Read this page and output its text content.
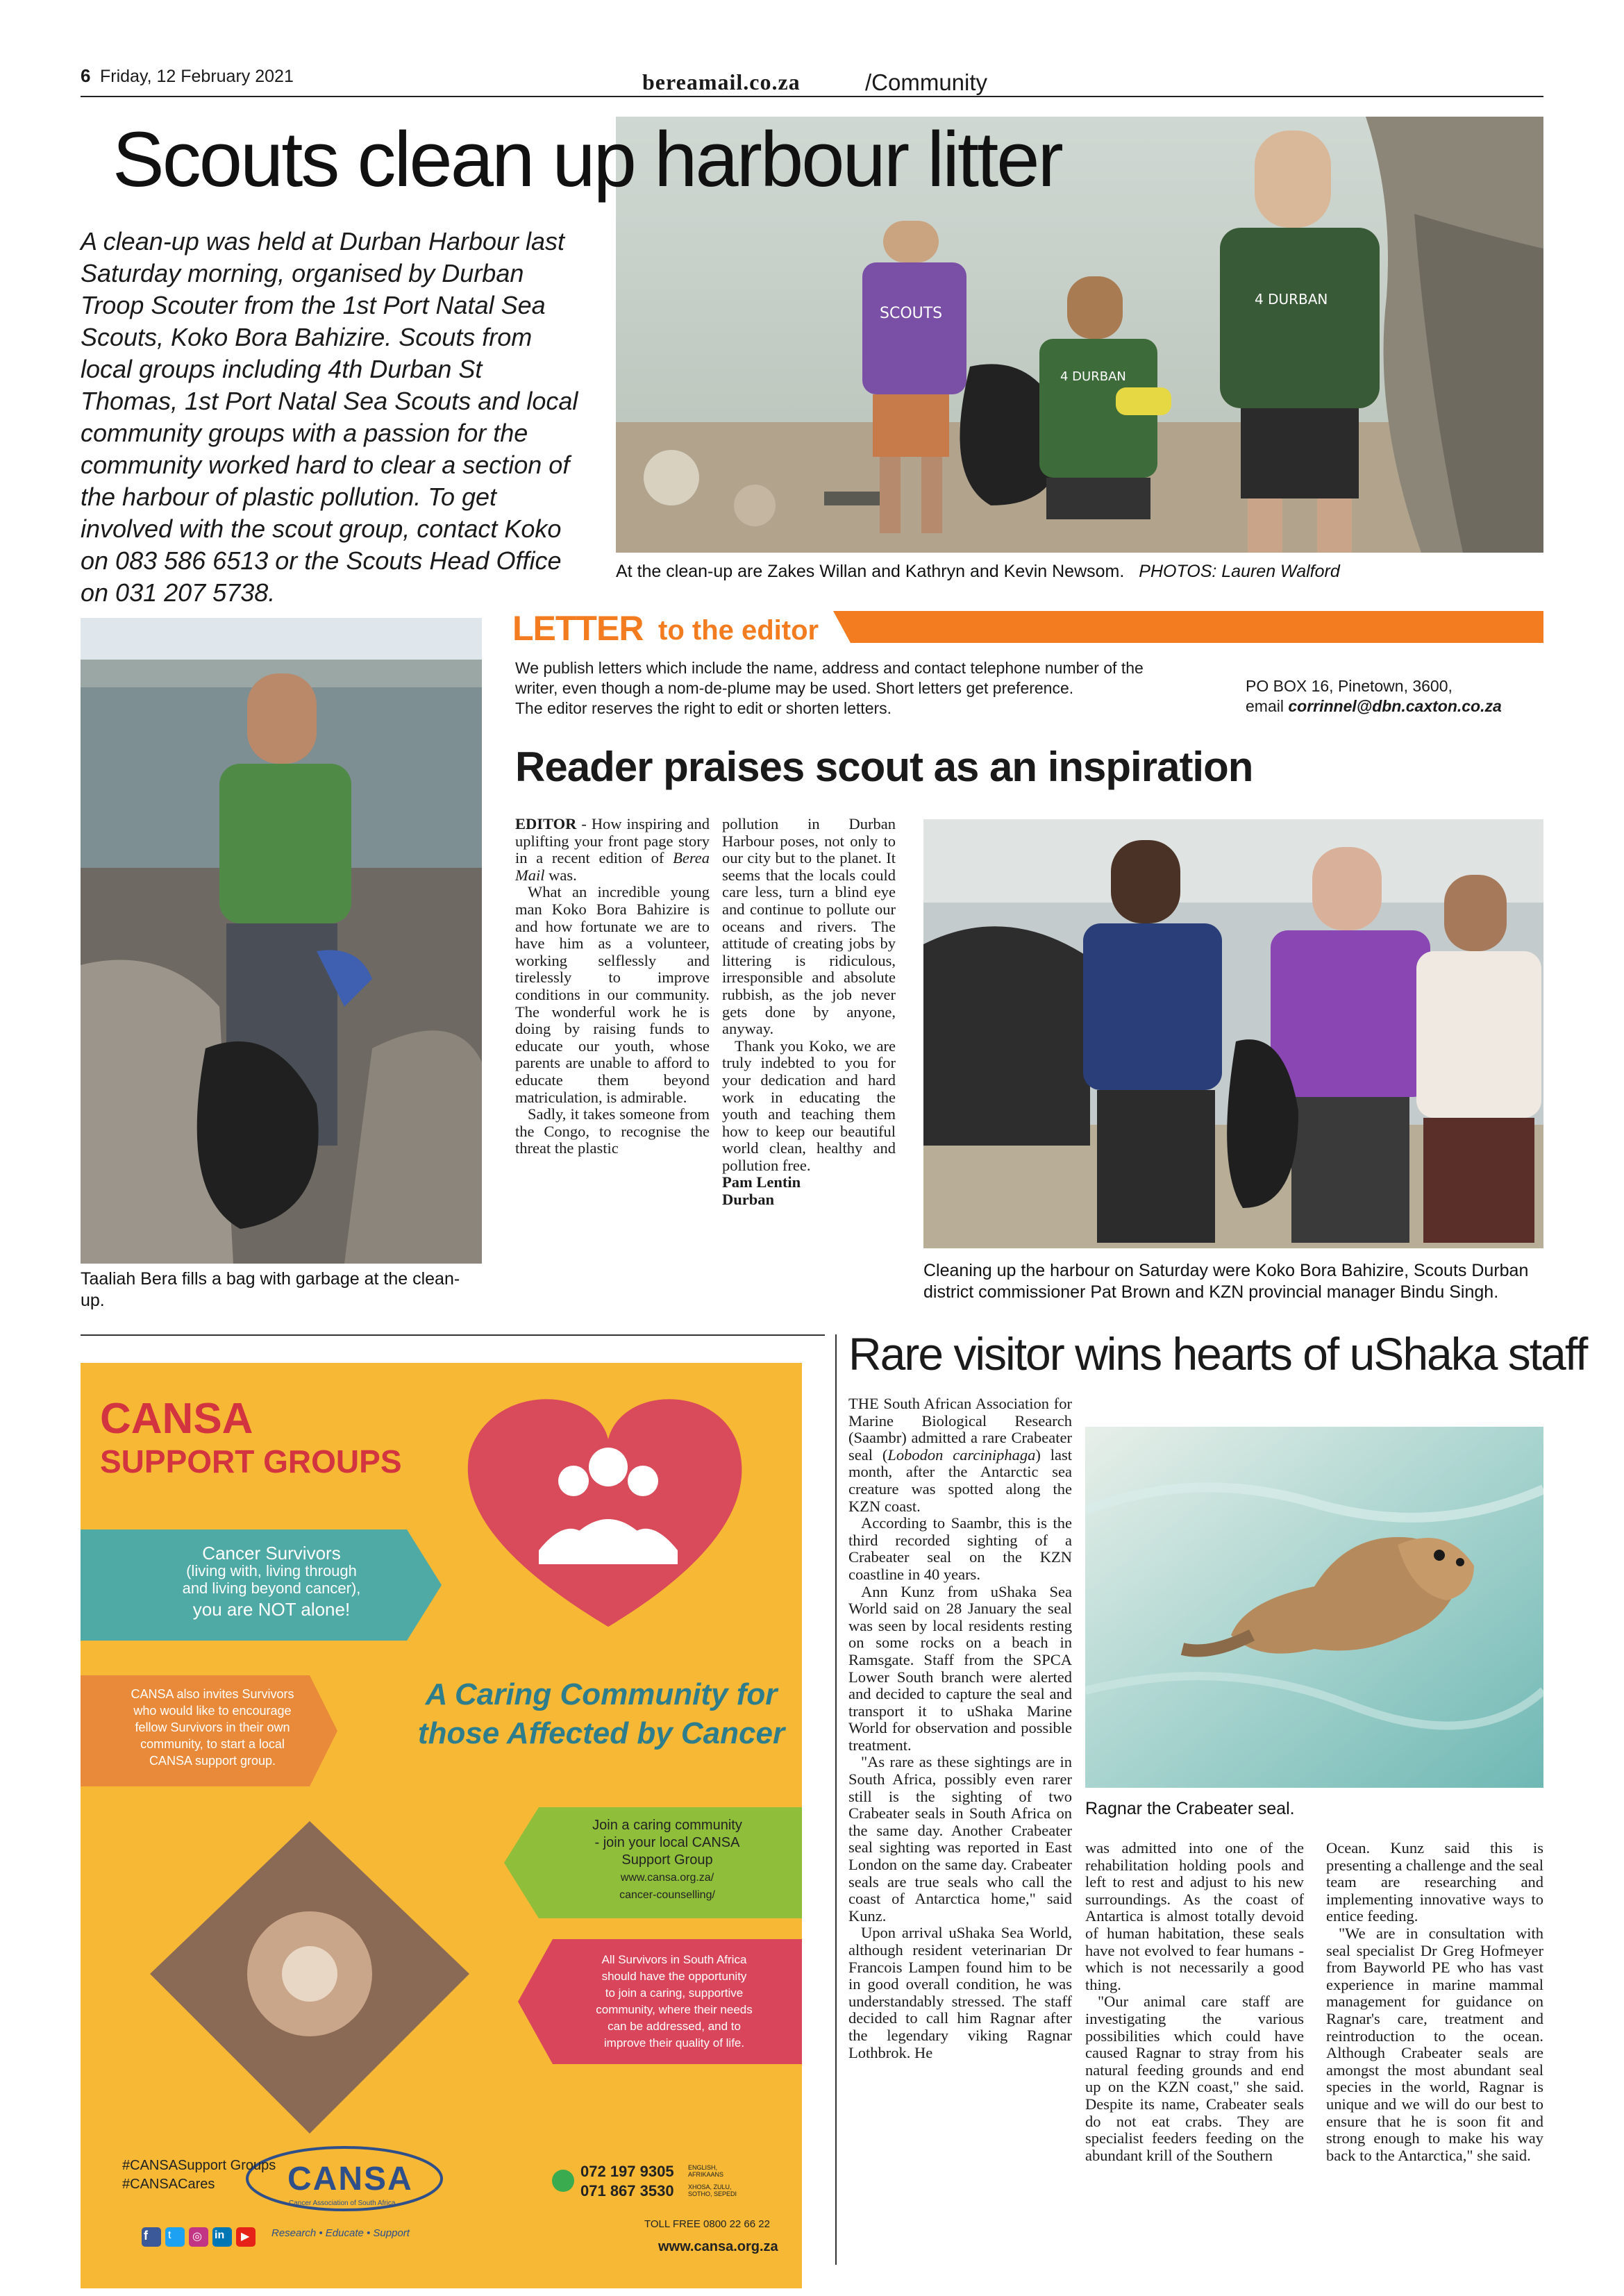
6 Friday, 12 February 2021	bereamail.co.za	/Community
SCOUTS
4 DURBAN
4 DURBAN
Scouts clean up harbour litter
A clean-up was held at Durban Harbour last Saturday morning, organised by Durban Troop Scouter from the 1st Port Natal Sea Scouts, Koko Bora Bahizire. Scouts from local groups including 4th Durban St Thomas, 1st Port Natal Sea Scouts and local community groups with a passion for the community worked hard to clear a section of the harbour of plastic pollution. To get involved with the scout group, contact Koko on 083 586 6513 or the Scouts Head Office on 031 207 5738.
At the clean-up are Zakes Willan and Kathryn and Kevin Newsom. PHOTOS: Lauren Walford
Taaliah Bera fills a bag with garbage at the clean-up.
LETTER to the editor
We publish letters which include the name, address and contact telephone number of the
writer, even though a nom-de-plume may be used. Short letters get preference.
The editor reserves the right to edit or shorten letters.
PO BOX 16, Pinetown, 3600,
email corrinnel@dbn.caxton.co.za
Reader praises scout as an inspiration

EDITOR - How inspiring and uplifting your front page story in a recent edition of Berea Mail was.

What an incredible young man Koko Bora Bahizire is and how fortunate we are to have him as a volunteer, working selflessly and tirelessly to improve conditions in our community. The wonderful work he is doing by raising funds to educate our youth, whose parents are unable to afford to educate them beyond matriculation, is admirable.

Sadly, it takes someone from the Congo, to recognise the threat the plastic

pollution in Durban Harbour poses, not only to our city but to the planet. It seems that the locals could care less, turn a blind eye and continue to pollute our oceans and rivers. The attitude of creating jobs by littering is ridiculous, irresponsible and absolute rubbish, as the job never gets done by anyone, anyway.

Thank you Koko, we are truly indebted to you for your dedication and hard work in educating the youth and teaching them how to keep our beautiful world clean, healthy and pollution free.

Pam Lentin

Durban

Cleaning up the harbour on Saturday were Koko Bora Bahizire, Scouts Durban district commissioner Pat Brown and KZN provincial manager Bindu Singh.
CANSA
SUPPORT GROUPS
Cancer Survivors
(living with, living through
and living beyond cancer),
you are NOT alone!
CANSA also invites Survivors
who would like to encourage
fellow Survivors in their own
community, to start a local
CANSA support group.
A Caring Community for
those Affected by Cancer
Join a caring community
- join your local CANSA
Support Group
www.cansa.org.za/
cancer-counselling/
All Survivors in South Africa
should have the opportunity
to join a caring, supportive
community, where their needs
can be addressed, and to
improve their quality of life.
#CANSASupport Groups
#CANSACares CANSA
Cancer Association of South Africa
Research • Educate • Support
072 197 9305 ENGLISH, AFRIKAANS
071 867 3530 XHOSA, ZULU, SOTHO, SEPEDI
TOLL FREE 0800 22 66 22
www.cansa.org.za
f t ◎ in ▶
Rare visitor wins hearts of uShaka staff

THE South African Association for Marine Biological Research (Saambr) admitted a rare Crabeater seal (Lobodon carciniphaga) last month, after the Antarctic sea creature was spotted along the KZN coast.

According to Saambr, this is the third recorded sighting of a Crabeater seal on the KZN coastline in 40 years.

Ann Kunz from uShaka Sea World said on 28 January the seal was seen by local residents resting on some rocks on a beach in Ramsgate. Staff from the SPCA Lower South branch were alerted and decided to capture the seal and transport it to uShaka Marine World for observation and possible treatment.

"As rare as these sightings are in South Africa, possibly even rarer still is the sighting of two Crabeater seals in South Africa on the same day. Another Crabeater seal sighting was reported in East London on the same day. Crabeater seals are true seals who call the coast of Antarctica home," said Kunz.

Upon arrival uShaka Sea World, although resident veterinarian Dr Francois Lampen found him to be in good overall condition, he was understandably stressed. The staff decided to call him Ragnar after the legendary viking Ragnar Lothbrok. He

Ragnar the Crabeater seal.

was admitted into one of the rehabilitation holding pools and left to rest and adjust to his new surroundings. As the coast of Antartica is almost totally devoid of human habitation, these seals have not evolved to fear humans - which is not necessarily a good thing.

"Our animal care staff are investigating the various possibilities which could have caused Ragnar to stray from his natural feeding grounds and end up on the KZN coast," she said. Despite its name, Crabeater seals do not eat crabs. They are specialist feeders feeding on the abundant krill of the Southern

Ocean. Kunz said this is presenting a challenge and the seal team are researching and implementing innovative ways to entice feeding.

"We are in consultation with seal specialist Dr Greg Hofmeyer from Bayworld PE who has vast experience in marine mammal management for guidance on Ragnar's care, treatment and reintroduction to the ocean. Although Crabeater seals are amongst the most abundant seal species in the world, Ragnar is unique and we will do our best to ensure that he is soon fit and strong enough to make his way back to the Antarctica," she said.
